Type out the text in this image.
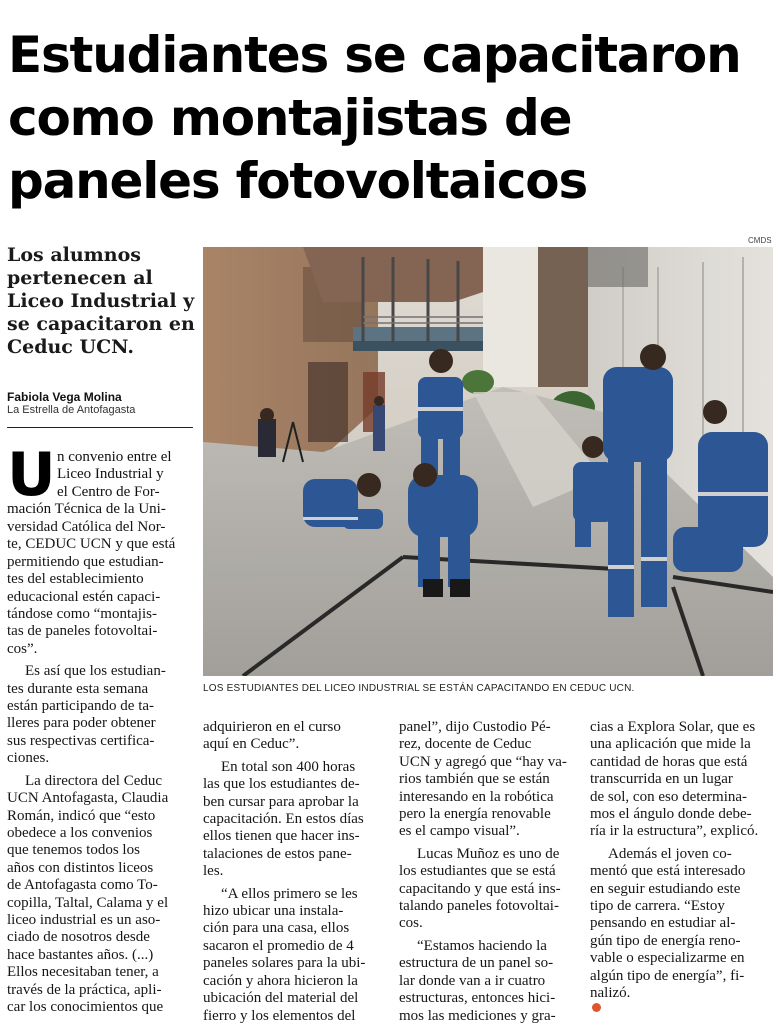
Estudiantes se capacitaron
como montajistas de
paneles fotovoltaicos
Los alumnos
pertenecen al
Liceo Industrial y
se capacitaron en
Ceduc UCN.
Fabiola Vega Molina
La Estrella de Antofagasta
CMDS
LOS ESTUDIANTES DEL LICEO INDUSTRIAL SE ESTÁN CAPACITANDO EN CEDUC UCN.
U n convenio entre el
Liceo Industrial y
el Centro de For-
mación Técnica de la Uni-
versidad Católica del Nor-
te, CEDUC UCN y que está
permitiendo que estudian-
tes del establecimiento
educacional estén capaci-
tándose como “montajis-
tas de paneles fotovoltai-
cos”.
Es así que los estudian-
tes durante esta semana
están participando de ta-
lleres para poder obtener
sus respectivas certifica-
ciones.
La directora del Ceduc
UCN Antofagasta, Claudia
Román, indicó que “esto
obedece a los convenios
que tenemos todos los
años con distintos liceos
de Antofagasta como To-
copilla, Taltal, Calama y el
liceo industrial es un aso-
ciado de nosotros desde
hace bastantes años. (...)
Ellos necesitaban tener, a
través de la práctica, apli-
car los conocimientos que
adquirieron en el curso
aquí en Ceduc”.
En total son 400 horas
las que los estudiantes de-
ben cursar para aprobar la
capacitación. En estos días
ellos tienen que hacer ins-
talaciones de estos pane-
les.
“A ellos primero se les
hizo ubicar una instala-
ción para una casa, ellos
sacaron el promedio de 4
paneles solares para la ubi-
cación y ahora hicieron la
ubicación del material del
fierro y los elementos del
panel”, dijo Custodio Pé-
rez, docente de Ceduc
UCN y agregó que “hay va-
rios también que se están
interesando en la robótica
pero la energía renovable
es el campo visual”.
Lucas Muñoz es uno de
los estudiantes que se está
capacitando y que está ins-
talando paneles fotovoltai-
cos.
“Estamos haciendo la
estructura de un panel so-
lar donde van a ir cuatro
estructuras, entonces hici-
mos las mediciones y gra-
cias a Explora Solar, que es
una aplicación que mide la
cantidad de horas que está
transcurrida en un lugar
de sol, con eso determina-
mos el ángulo donde debe-
ría ir la estructura”, explicó.
Además el joven co-
mentó que está interesado
en seguir estudiando este
tipo de carrera. “Estoy
pensando en estudiar al-
gún tipo de energía reno-
vable o especializarme en
algún tipo de energía”, fi-
nalizó.
